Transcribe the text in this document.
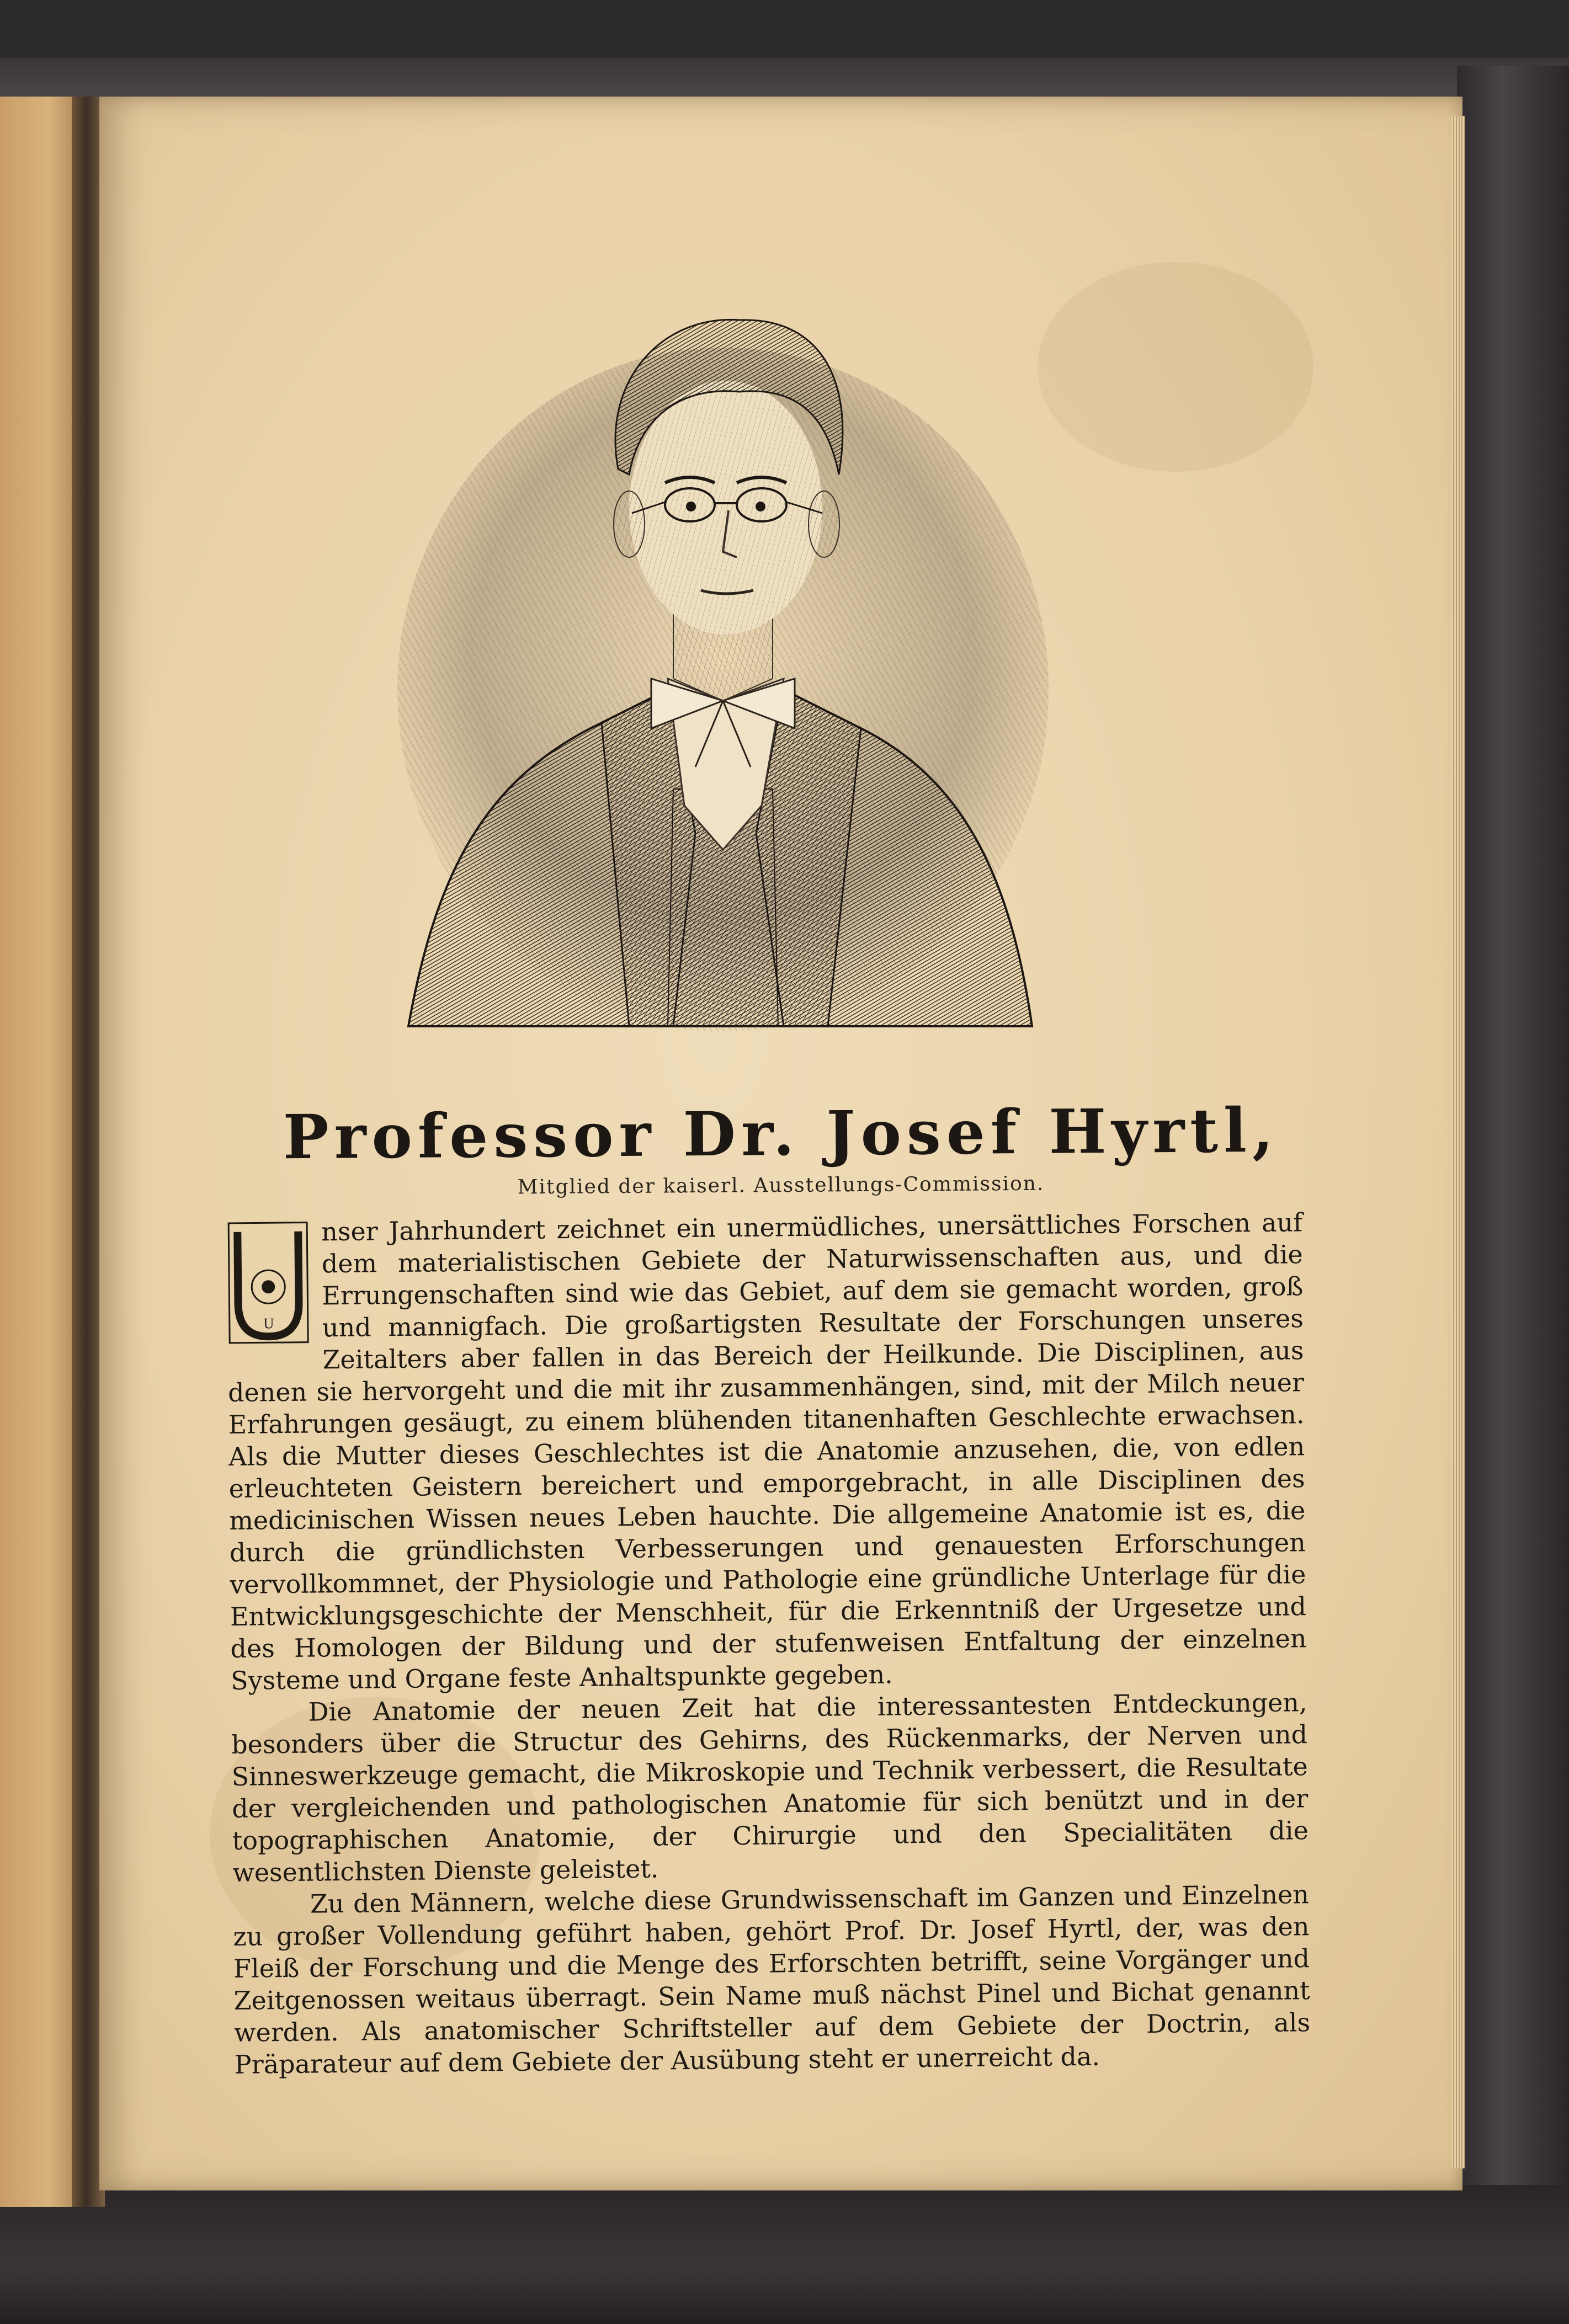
Professor Dr. Josef Hyrtl,
Mitglied der kaiserl. Ausstellungs-Commission.

U
nser Jahrhundert zeichnet ein unermüdliches, unersättliches Forschen auf dem materialistischen Gebiete der Naturwissenschaften aus, und die Errungenschaften sind wie das Gebiet, auf dem sie gemacht worden, groß und mannigfach. Die großartigsten Resultate der Forschungen unseres Zeitalters aber fallen in das Bereich der Heilkunde. Die Disciplinen, aus denen sie hervorgeht und die mit ihr zusammenhängen, sind, mit der Milch neuer Erfahrungen gesäugt, zu einem blühenden titanenhaften Geschlechte erwachsen. Als die Mutter dieses Geschlechtes ist die Anatomie anzusehen, die, von edlen erleuchteten Geistern bereichert und emporgebracht, in alle Disciplinen des medicinischen Wissen neues Leben hauchte. Die allgemeine Anatomie ist es, die durch die gründlichsten Verbesserungen und genauesten Erforschungen vervollkommnet, der Physiologie und Pathologie eine gründliche Unterlage für die Entwicklungsgeschichte der Menschheit, für die Erkenntniß der Urgesetze und des Homologen der Bildung und der stufenweisen Entfaltung der einzelnen Systeme und Organe feste Anhaltspunkte gegeben.

Die Anatomie der neuen Zeit hat die interessantesten Entdeckungen, besonders über die Structur des Gehirns, des Rückenmarks, der Nerven und Sinneswerkzeuge gemacht, die Mikroskopie und Technik verbessert, die Resultate der vergleichenden und pathologischen Anatomie für sich benützt und in der topographischen Anatomie, der Chirurgie und den Specialitäten die wesentlichsten Dienste geleistet.

Zu den Männern, welche diese Grundwissenschaft im Ganzen und Einzelnen zu großer Vollendung geführt haben, gehört Prof. Dr. Josef Hyrtl, der, was den Fleiß der Forschung und die Menge des Erforschten betrifft, seine Vorgänger und Zeitgenossen weitaus überragt. Sein Name muß nächst Pinel und Bichat genannt werden. Als anatomischer Schriftsteller auf dem Gebiete der Doctrin, als Präparateur auf dem Gebiete der Ausübung steht er unerreicht da.
